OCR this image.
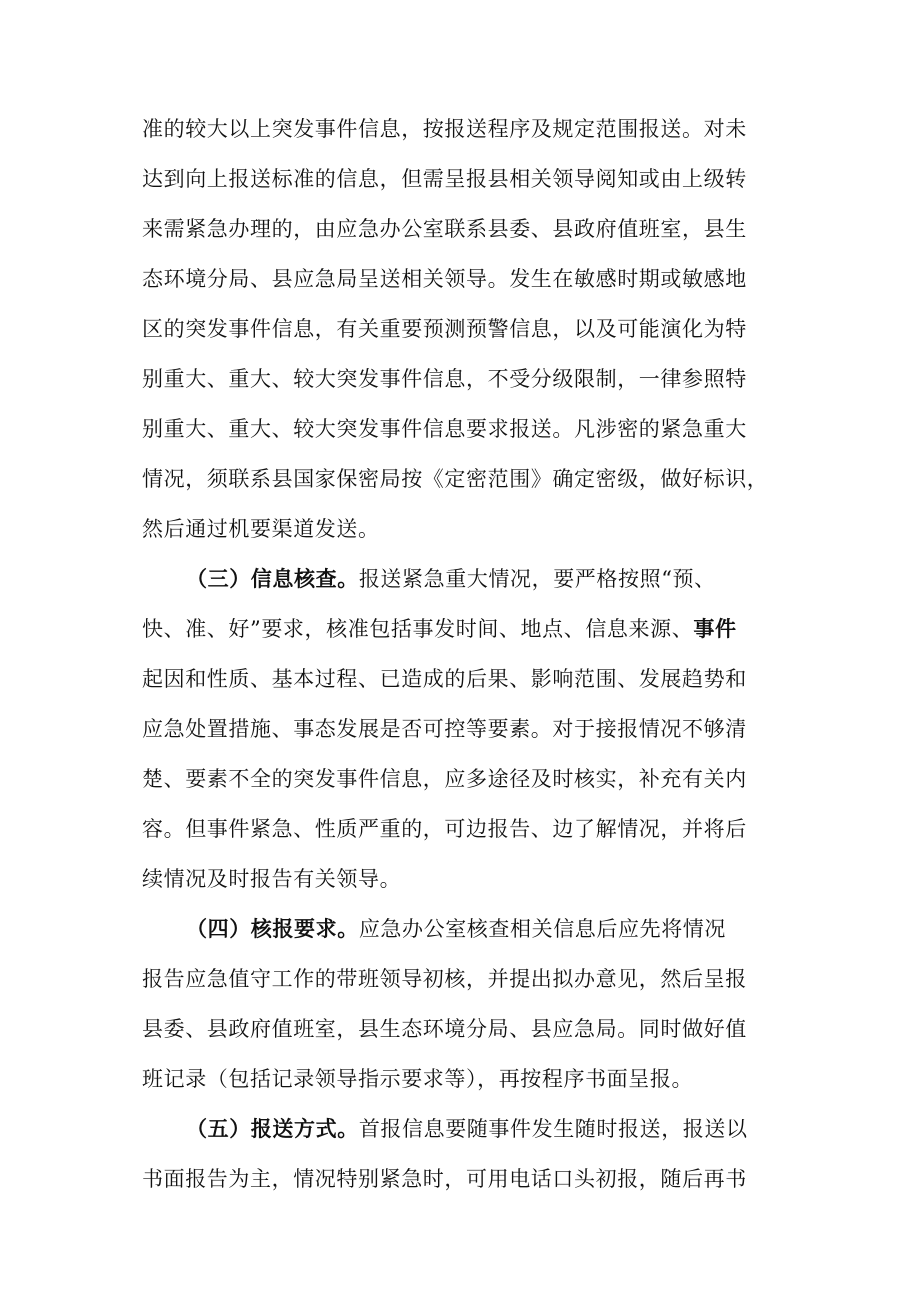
准的较大以上突发事件信息，按报送程序及规定范围报送。对未
达到向上报送标准的信息，但需呈报县相关领导阅知或由上级转
来需紧急办理的，由应急办公室联系县委、县政府值班室，县生
态环境分局、县应急局呈送相关领导。发生在敏感时期或敏感地
区的突发事件信息，有关重要预测预警信息，以及可能演化为特
别重大、重大、较大突发事件信息，不受分级限制，一律参照特
别重大、重大、较大突发事件信息要求报送。凡涉密的紧急重大
情况，须联系县国家保密局按《定密范围》确定密级，做好标识，
然后通过机要渠道发送。
（三）信息核查。报送紧急重大情况，要严格按照“预、
快、准、好”要求，核准包括事发时间、地点、信息来源、事件
起因和性质、基本过程、已造成的后果、影响范围、发展趋势和
应急处置措施、事态发展是否可控等要素。对于接报情况不够清
楚、要素不全的突发事件信息，应多途径及时核实，补充有关内
容。但事件紧急、性质严重的，可边报告、边了解情况，并将后
续情况及时报告有关领导。
（四）核报要求。应急办公室核查相关信息后应先将情况
报告应急值守工作的带班领导初核，并提出拟办意见，然后呈报
县委、县政府值班室，县生态环境分局、县应急局。同时做好值
班记录（包括记录领导指示要求等），再按程序书面呈报。
（五）报送方式。首报信息要随事件发生随时报送，报送以
书面报告为主，情况特别紧急时，可用电话口头初报，随后再书
